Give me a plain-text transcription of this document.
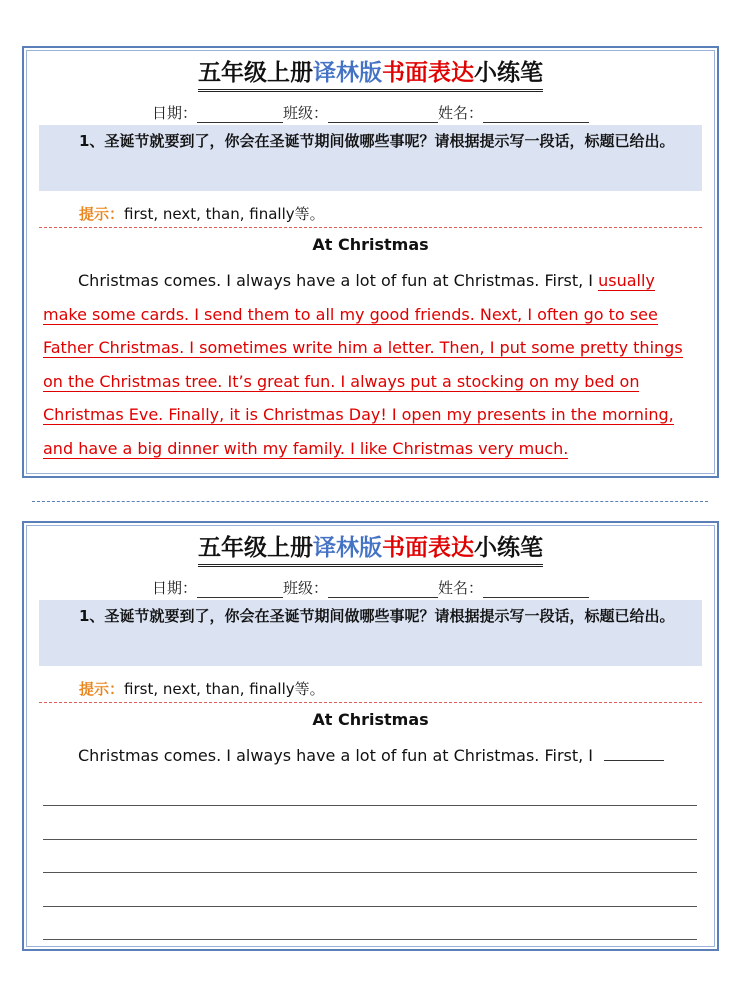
五年级上册译林版书面表达小练笔
日期：	班级：	姓名：
1、圣诞节就要到了，你会在圣诞节期间做哪些事呢？请根据提示写一段话，标题已给出。
提示：first, next, than, finally等。
At Christmas
Christmas comes. I always have a lot of fun at Christmas. First, I usually make some cards. I send them to all my good friends. Next, I often go to see Father Christmas. I sometimes write him a letter. Then, I put some pretty things on the Christmas tree. It’s great fun. I always put a stocking on my bed on Christmas Eve. Finally, it is Christmas Day! I open my presents in the morning, and have a big dinner with my family. I like Christmas very much.
五年级上册译林版书面表达小练笔
日期：	班级：	姓名：
1、圣诞节就要到了，你会在圣诞节期间做哪些事呢？请根据提示写一段话，标题已给出。
提示：first, next, than, finally等。
At Christmas
Christmas comes. I always have a lot of fun at Christmas. First, I
